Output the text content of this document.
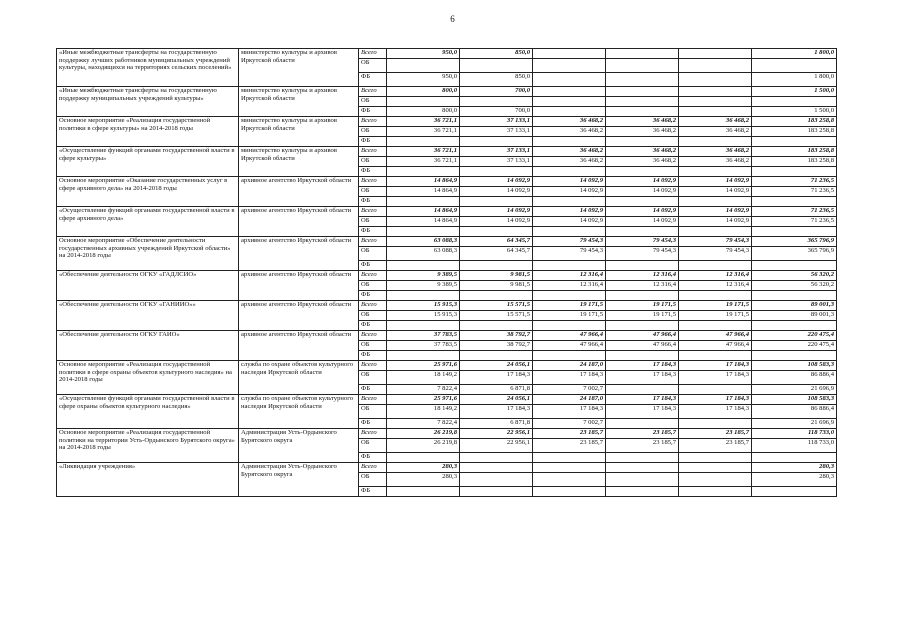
6
«Иные межбюджетные трансферты на государственную поддержку лучших работников муниципальных учреждений культуры, находящихся на территориях сельских поселений»	министерство культуры и архивов Иркутской области	Всего	950,0	850,0				1 800,0
		ОБ						
		ФБ	950,0	850,0				1 800,0
«Иные межбюджетные трансферты на государственную поддержку муниципальных учреждений культуры»	министерство культуры и архивов Иркутской области	Всего	800,0	700,0				1 500,0
		ОБ						
		ФБ	800,0	700,0				1 500,0
Основное мероприятие «Реализация государственной политики в сфере культуры» на 2014-2018 годы	министерство культуры и архивов Иркутской области	Всего	36 721,1	37 133,1	36 468,2	36 468,2	36 468,2	183 258,8
		ОБ	36 721,1	37 133,1	36 468,2	36 468,2	36 468,2	183 258,8
		ФБ						
«Осуществление функций органами государственной власти в сфере культуры»	министерство культуры и архивов Иркутской области	Всего	36 721,1	37 133,1	36 468,2	36 468,2	36 468,2	183 258,8
		ОБ	36 721,1	37 133,1	36 468,2	36 468,2	36 468,2	183 258,8
		ФБ						
Основное мероприятие «Оказание государственных услуг в сфере архивного дела» на 2014-2018 годы	архивное агентство Иркутской области	Всего	14 864,9	14 092,9	14 092,9	14 092,9	14 092,9	71 236,5
		ОБ	14 864,9	14 092,9	14 092,9	14 092,9	14 092,9	71 236,5
		ФБ						
«Осуществление функций органами государственной власти в сфере архивного дела»	архивное агентство Иркутской области	Всего	14 864,9	14 092,9	14 092,9	14 092,9	14 092,9	71 236,5
		ОБ	14 864,9	14 092,9	14 092,9	14 092,9	14 092,9	71 236,5
		ФБ						
Основное мероприятие «Обеспечение деятельности государственных архивных учреждений Иркутской области» на 2014-2018 годы	архивное агентство Иркутской области	Всего	63 088,3	64 345,7	79 454,3	79 454,3	79 454,3	365 796,9
		ОБ	63 088,3	64 345,7	79 454,3	79 454,3	79 454,3	365 796,9
		ФБ						
«Обеспечение деятельности ОГКУ «ГАДЛСИО»	архивное агентство Иркутской области	Всего	9 389,5	9 981,5	12 316,4	12 316,4	12 316,4	56 320,2
		ОБ	9 389,5	9 981,5	12 316,4	12 316,4	12 316,4	56 320,2
		ФБ						
«Обеспечение деятельности ОГКУ «ГАНИИО»»	архивное агентство Иркутской области	Всего	15 915,3	15 571,5	19 171,5	19 171,5	19 171,5	89 001,3
		ОБ	15 915,3	15 571,5	19 171,5	19 171,5	19 171,5	89 001,3
		ФБ						
«Обеспечение деятельности ОГКУ ГАИО»	архивное агентство Иркутской области	Всего	37 783,5	38 792,7	47 966,4	47 966,4	47 966,4	220 475,4
		ОБ	37 783,5	38 792,7	47 966,4	47 966,4	47 966,4	220 475,4
		ФБ						
Основное мероприятие «Реализация государственной политики в сфере охраны объектов культурного наследия» на 2014-2018 годы	служба по охране объектов культурного наследия Иркутской области	Всего	25 971,6	24 056,1	24 187,0	17 184,3	17 184,3	108 583,3
		ОБ	18 149,2	17 184,3	17 184,3	17 184,3	17 184,3	86 886,4
		ФБ	7 822,4	6 871,8	7 002,7			21 696,9
«Осуществление функций органами государственной власти в сфере охраны объектов культурного наследия»	служба по охране объектов культурного наследия Иркутской области	Всего	25 971,6	24 056,1	24 187,0	17 184,3	17 184,3	108 583,3
		ОБ	18 149,2	17 184,3	17 184,3	17 184,3	17 184,3	86 886,4
		ФБ	7 822,4	6 871,8	7 002,7			21 696,9
Основное мероприятие «Реализация государственной политики на территории Усть-Ордынского Бурятского округа» на 2014-2018 годы	Администрация Усть-Ордынского Бурятского округа	Всего	26 219,8	22 956,1	23 185,7	23 185,7	23 185,7	118 733,0
		ОБ	26 219,8	22 956,1	23 185,7	23 185,7	23 185,7	118 733,0
		ФБ						
«Ликвидация учреждения»	Администрация Усть-Ордынского Бурятского округа	Всего	280,3					280,3
		ОБ	280,3					280,3
		ФБ						
